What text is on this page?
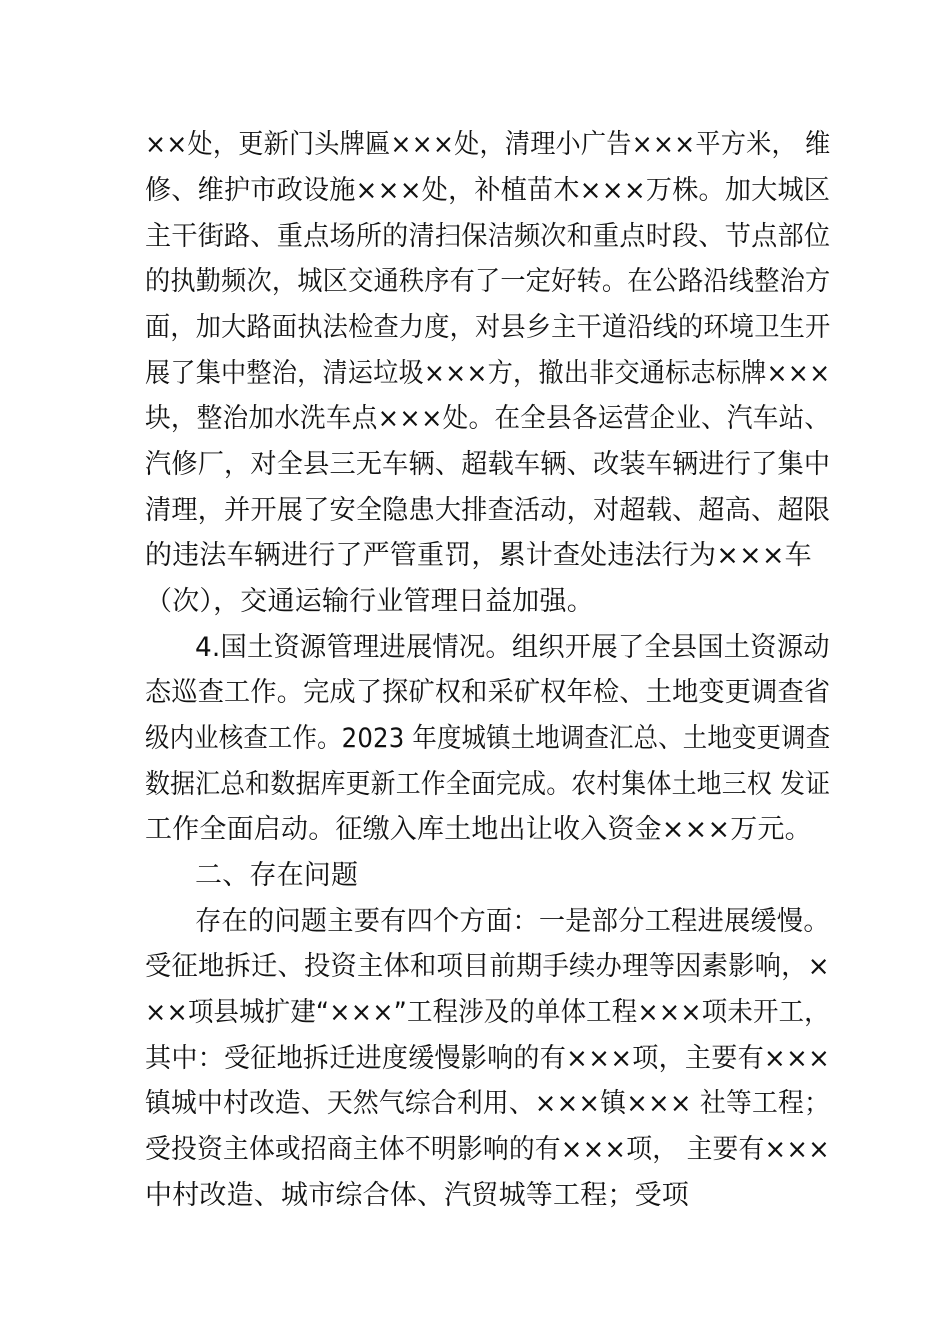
××处，更新门头牌匾×××处，清理小广告×××平方米， 维
修、维护市政设施×××处，补植苗木×××万株。加大城区
主干街路、重点场所的清扫保洁频次和重点时段、节点部位
的执勤频次，城区交通秩序有了一定好转。在公路沿线整治方
面，加大路面执法检查力度，对县乡主干道沿线的环境卫生开
展了集中整治，清运垃圾×××方，撤出非交通标志标牌×××
块，整治加水洗车点×××处。在全县各运营企业、汽车站、
汽修厂，对全县三无车辆、超载车辆、改装车辆进行了集中
清理，并开展了安全隐患大排查活动，对超载、超高、超限
的违法车辆进行了严管重罚，累计查处违法行为×××车
（次），交通运输行业管理日益加强。
4.国土资源管理进展情况。组织开展了全县国土资源动
态巡查工作。完成了探矿权和采矿权年检、土地变更调查省
级内业核查工作。2023 年度城镇土地调查汇总、土地变更调查
数据汇总和数据库更新工作全面完成。农村集体土地三权 发证
工作全面启动。征缴入库土地出让收入资金×××万元。
二、存在问题
存在的问题主要有四个方面：一是部分工程进展缓慢。
受征地拆迁、投资主体和项目前期手续办理等因素影响，×
××项县城扩建“×××”工程涉及的单体工程×××项未开工，
其中：受征地拆迁进度缓慢影响的有×××项，主要有×××
镇城中村改造、天然气综合利用、×××镇××× 社等工程；
受投资主体或招商主体不明影响的有×××项， 主要有×××
中村改造、城市综合体、汽贸城等工程；受项
